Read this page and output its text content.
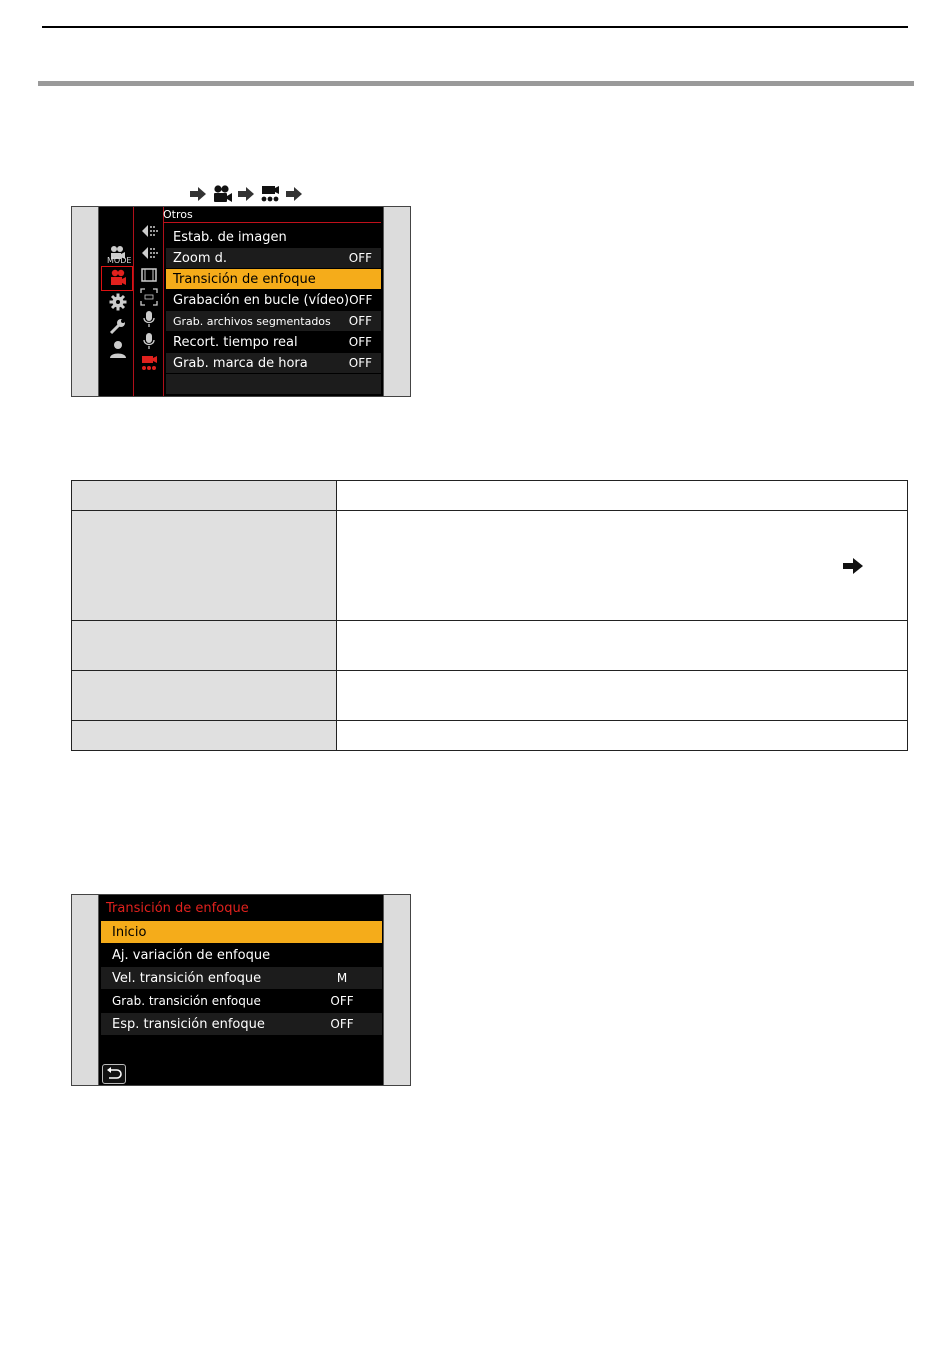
MODE
Otros
Estab. de imagen
Zoom d.	OFF
Transición de enfoque
Grabación en bucle (vídeo) OFF
Grab. archivos segmentados OFF
Recort. tiempo real	OFF
Grab. marca de hora	OFF

Transición de enfoque
Inicio
Aj. variación de enfoque
Vel. transición enfoque	M
Grab. transición enfoque	OFF
Esp. transición enfoque	OFF
